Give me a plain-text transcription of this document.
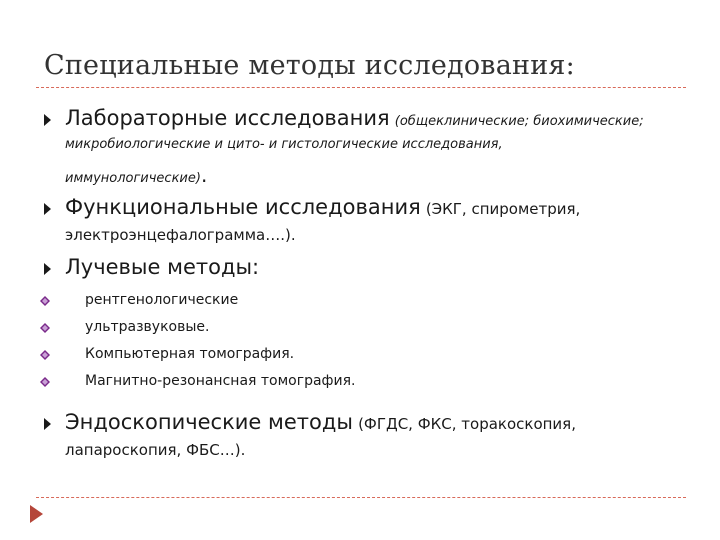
Специальные методы исследования:
Лабораторные исследования (общеклинические; биохимические;
микробиологические и цито- и гистологические исследования,
иммунологические).
Функциональные исследования (ЭКГ, спирометрия,
электроэнцефалограмма….).
Лучевые методы:
рентгенологические
ультразвуковые.
Компьютерная томография.
Магнитно-резонансная томография.
Эндоскопические методы (ФГДС, ФКС, торакоскопия,
лапароскопия, ФБС…).
